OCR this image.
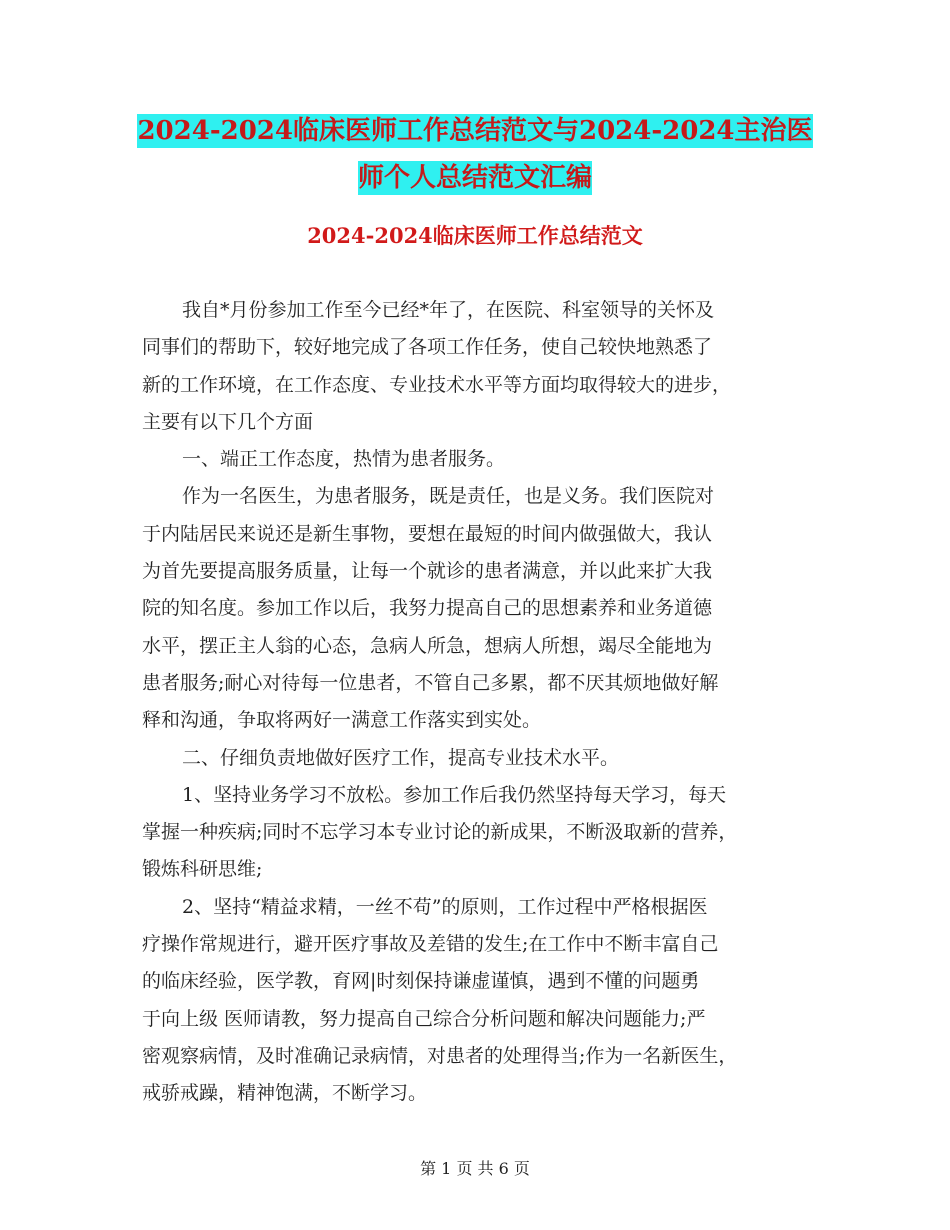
2024-2024临床医师工作总结范文与2024-2024主治医
师个人总结范文汇编
2024-2024临床医师工作总结范文
我自*月份参加工作至今已经*年了，在医院、科室领导的关怀及
同事们的帮助下，较好地完成了各项工作任务，使自己较快地熟悉了
新的工作环境，在工作态度、专业技术水平等方面均取得较大的进步，
主要有以下几个方面
一、端正工作态度，热情为患者服务。
作为一名医生，为患者服务，既是责任，也是义务。我们医院对
于内陆居民来说还是新生事物，要想在最短的时间内做强做大，我认
为首先要提高服务质量，让每一个就诊的患者满意，并以此来扩大我
院的知名度。参加工作以后，我努力提高自己的思想素养和业务道德
水平，摆正主人翁的心态，急病人所急，想病人所想，竭尽全能地为
患者服务;耐心对待每一位患者，不管自己多累，都不厌其烦地做好解
释和沟通，争取将两好一满意工作落实到实处。
二、仔细负责地做好医疗工作，提高专业技术水平。
1、坚持业务学习不放松。参加工作后我仍然坚持每天学习，每天
掌握一种疾病;同时不忘学习本专业讨论的新成果，不断汲取新的营养，
锻炼科研思维;
2、坚持“精益求精，一丝不苟”的原则，工作过程中严格根据医
疗操作常规进行，避开医疗事故及差错的发生;在工作中不断丰富自己
的临床经验，医学教，育网|时刻保持谦虚谨慎，遇到不懂的问题勇
于向上级 医师请教，努力提高自己综合分析问题和解决问题能力;严
密观察病情，及时准确记录病情，对患者的处理得当;作为一名新医生，
戒骄戒躁，精神饱满，不断学习。
第 1 页 共 6 页
